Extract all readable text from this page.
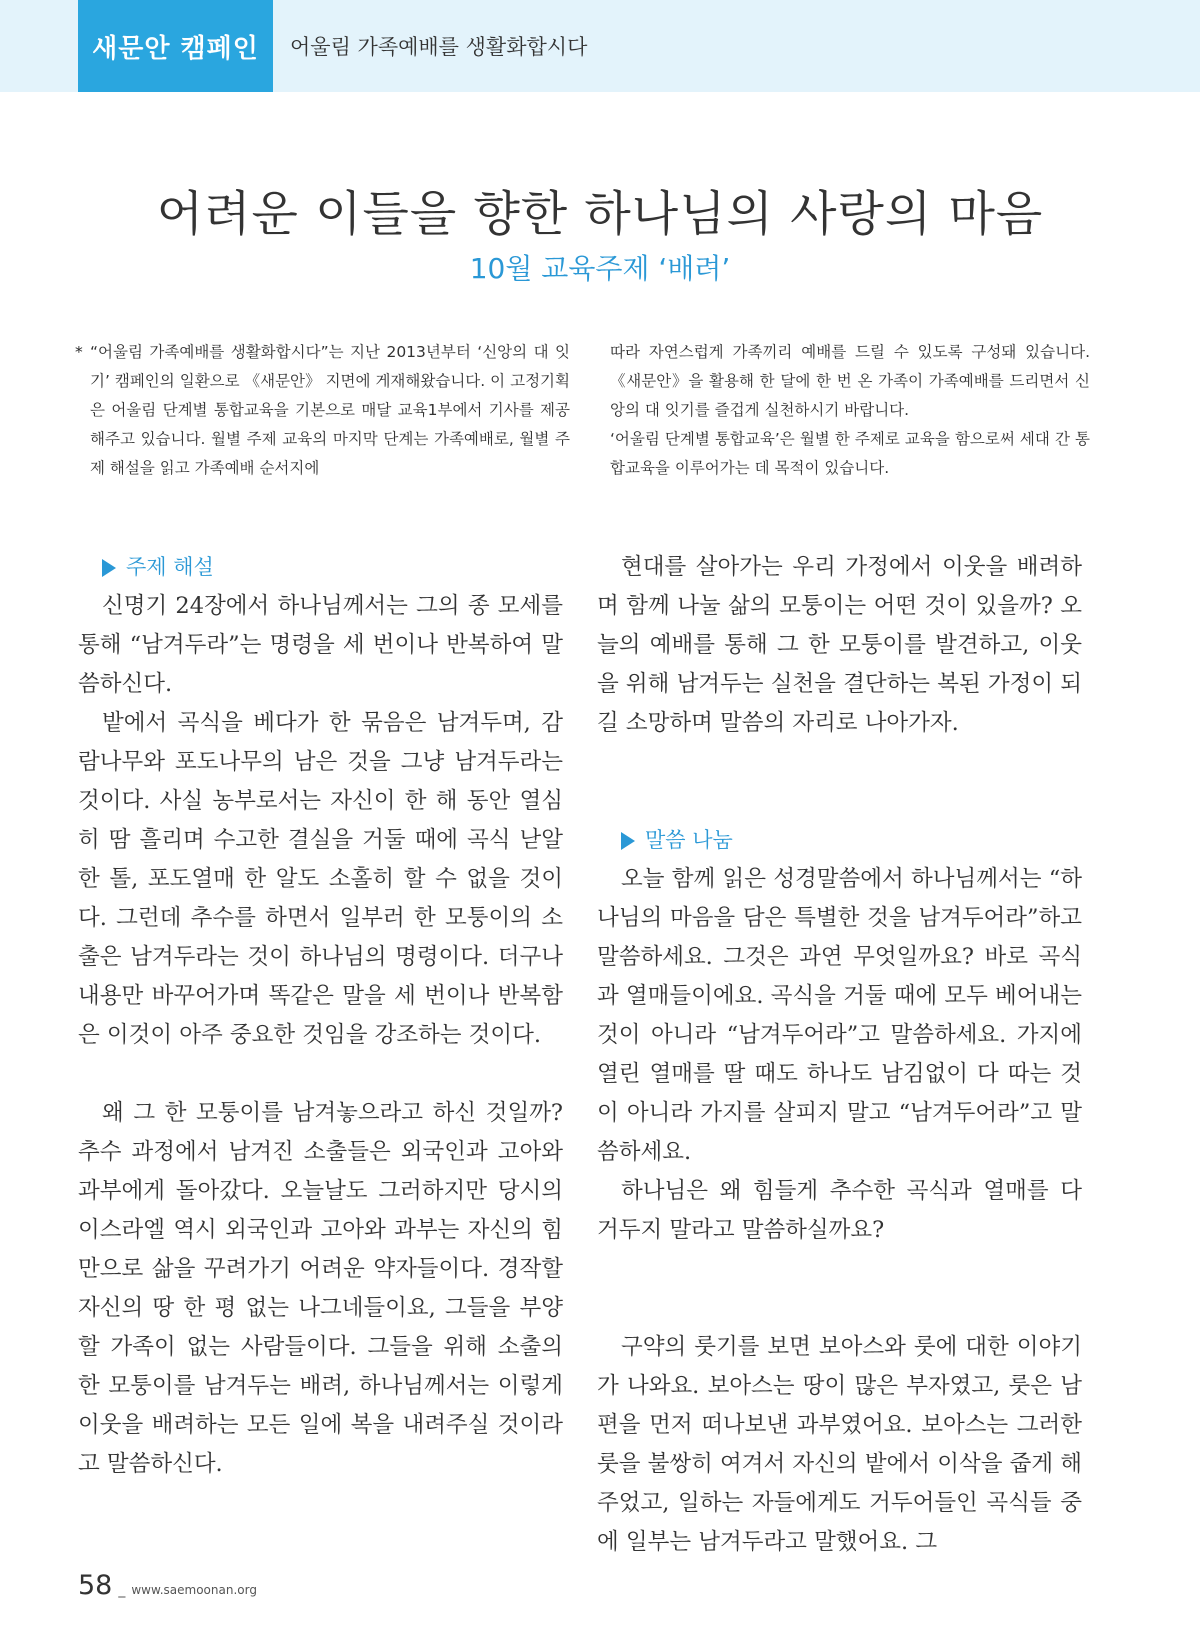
새문안 캠페인	어울림 가족예배를 생활화합시다
어려운 이들을 향한 하나님의 사랑의 마음
10월 교육주제 ‘배려’
* “어울림 가족예배를 생활화합시다”는 지난 2013년부터 ‘신앙의 대 잇기’ 캠페인의 일환으로 《새문안》 지면에 게재해왔습니다. 이 고정기획은 어울림 단계별 통합교육을 기본으로 매달 교육1부에서 기사를 제공해주고 있습니다. 월별 주제 교육의 마지막 단계는 가족예배로, 월별 주제 해설을 읽고 가족예배 순서지에
따라 자연스럽게 가족끼리 예배를 드릴 수 있도록 구성돼 있습니다. 《새문안》을 활용해 한 달에 한 번 온 가족이 가족예배를 드리면서 신앙의 대 잇기를 즐겁게 실천하시기 바랍니다.
‘어울림 단계별 통합교육’은 월별 한 주제로 교육을 함으로써 세대 간 통합교육을 이루어가는 데 목적이 있습니다.
주제 해설

신명기 24장에서 하나님께서는 그의 종 모세를 통해 “남겨두라”는 명령을 세 번이나 반복하여 말씀하신다.

밭에서 곡식을 베다가 한 묶음은 남겨두며, 감람나무와 포도나무의 남은 것을 그냥 남겨두라는 것이다. 사실 농부로서는 자신이 한 해 동안 열심히 땀 흘리며 수고한 결실을 거둘 때에 곡식 낟알 한 톨, 포도열매 한 알도 소홀히 할 수 없을 것이다. 그런데 추수를 하면서 일부러 한 모퉁이의 소출은 남겨두라는 것이 하나님의 명령이다. 더구나 내용만 바꾸어가며 똑같은 말을 세 번이나 반복함은 이것이 아주 중요한 것임을 강조하는 것이다.

왜 그 한 모퉁이를 남겨놓으라고 하신 것일까? 추수 과정에서 남겨진 소출들은 외국인과 고아와 과부에게 돌아갔다. 오늘날도 그러하지만 당시의 이스라엘 역시 외국인과 고아와 과부는 자신의 힘만으로 삶을 꾸려가기 어려운 약자들이다. 경작할 자신의 땅 한 평 없는 나그네들이요, 그들을 부양할 가족이 없는 사람들이다. 그들을 위해 소출의 한 모퉁이를 남겨두는 배려, 하나님께서는 이렇게 이웃을 배려하는 모든 일에 복을 내려주실 것이라고 말씀하신다.

현대를 살아가는 우리 가정에서 이웃을 배려하며 함께 나눌 삶의 모퉁이는 어떤 것이 있을까? 오늘의 예배를 통해 그 한 모퉁이를 발견하고, 이웃을 위해 남겨두는 실천을 결단하는 복된 가정이 되길 소망하며 말씀의 자리로 나아가자.

말씀 나눔

오늘 함께 읽은 성경말씀에서 하나님께서는 “하나님의 마음을 담은 특별한 것을 남겨두어라”하고 말씀하세요. 그것은 과연 무엇일까요? 바로 곡식과 열매들이에요. 곡식을 거둘 때에 모두 베어내는 것이 아니라 “남겨두어라”고 말씀하세요. 가지에 열린 열매를 딸 때도 하나도 남김없이 다 따는 것이 아니라 가지를 살피지 말고 “남겨두어라”고 말씀하세요.

하나님은 왜 힘들게 추수한 곡식과 열매를 다 거두지 말라고 말씀하실까요?

구약의 룻기를 보면 보아스와 룻에 대한 이야기가 나와요. 보아스는 땅이 많은 부자였고, 룻은 남편을 먼저 떠나보낸 과부였어요. 보아스는 그러한 룻을 불쌍히 여겨서 자신의 밭에서 이삭을 줍게 해주었고, 일하는 자들에게도 거두어들인 곡식들 중에 일부는 남겨두라고 말했어요. 그

58 _ www.saemoonan.org
